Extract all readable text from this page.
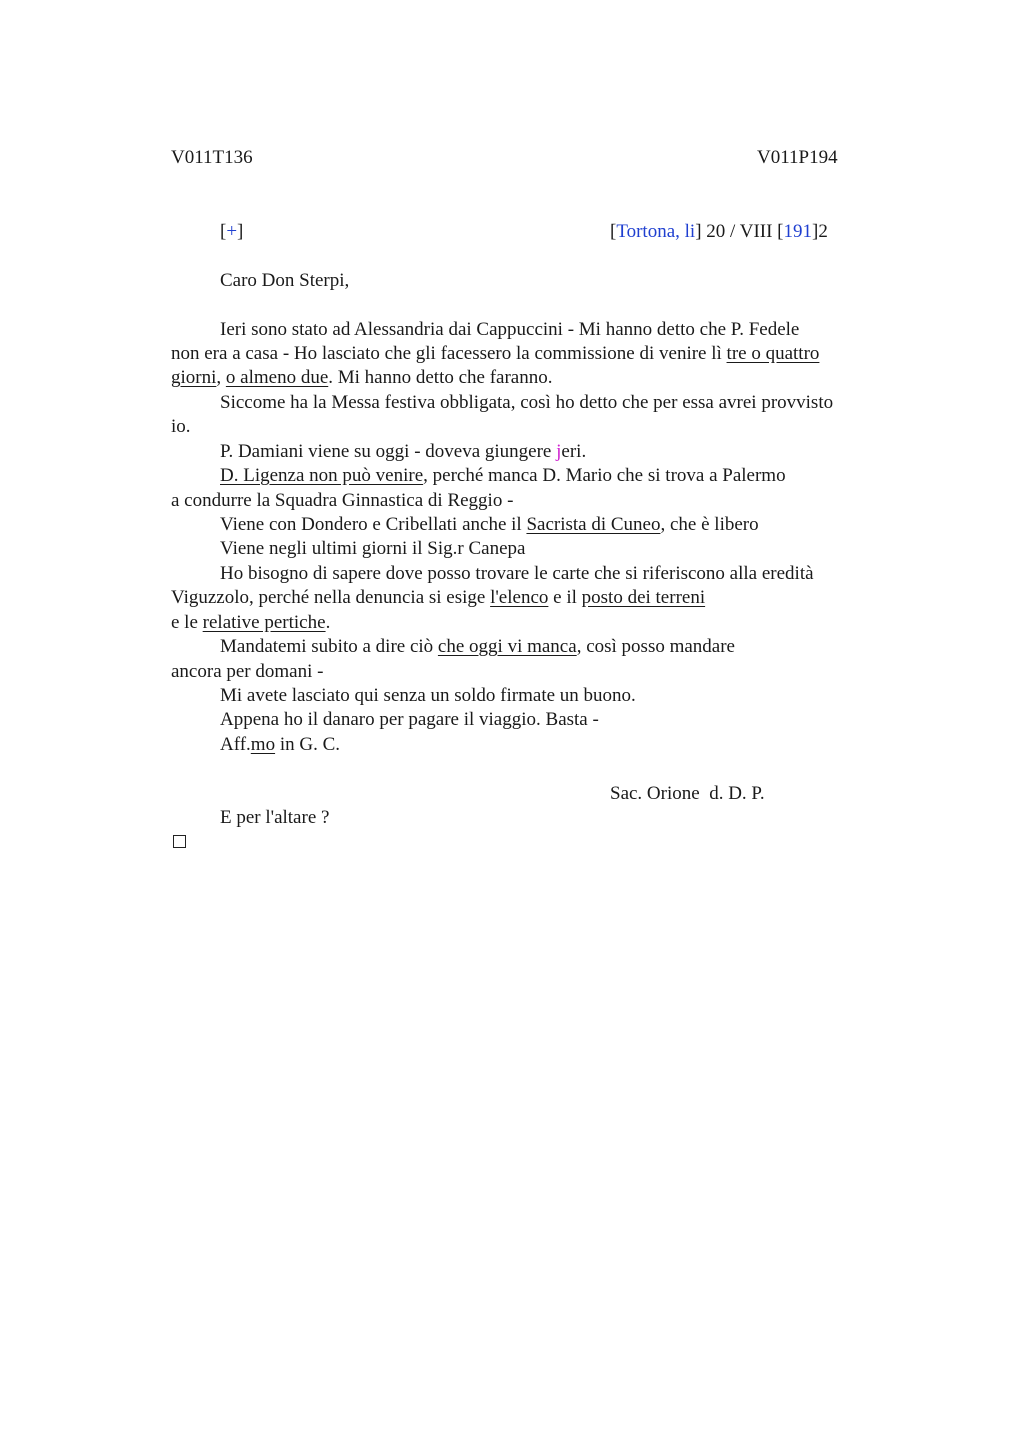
V011T136	V011P194
[+]	[Tortona, li] 20 / VIII [191]2
Caro Don Sterpi,
Ieri sono stato ad Alessandria dai Cappuccini - Mi hanno detto che P. Fedele
non era a casa - Ho lasciato che gli facessero la commissione di venire lì tre o quattro
giorni, o almeno due. Mi hanno detto che faranno.
Siccome ha la Messa festiva obbligata, così ho detto che per essa avrei provvisto
io.
P. Damiani viene su oggi - doveva giungere jeri.
D. Ligenza non può venire, perché manca D. Mario che si trova a Palermo
a condurre la Squadra Ginnastica di Reggio -
Viene con Dondero e Cribellati anche il Sacrista di Cuneo, che è libero
Viene negli ultimi giorni il Sig.r Canepa
Ho bisogno di sapere dove posso trovare le carte che si riferiscono alla eredità
Viguzzolo, perché nella denuncia si esige l'elenco e il posto dei terreni
e le relative pertiche.
Mandatemi subito a dire ciò che oggi vi manca, così posso mandare
ancora per domani -
Mi avete lasciato qui senza un soldo firmate un buono.
Appena ho il danaro per pagare il viaggio. Basta -
Aff.mo in G. C.
Sac. Orione  d. D. P.
E per l'altare ?
